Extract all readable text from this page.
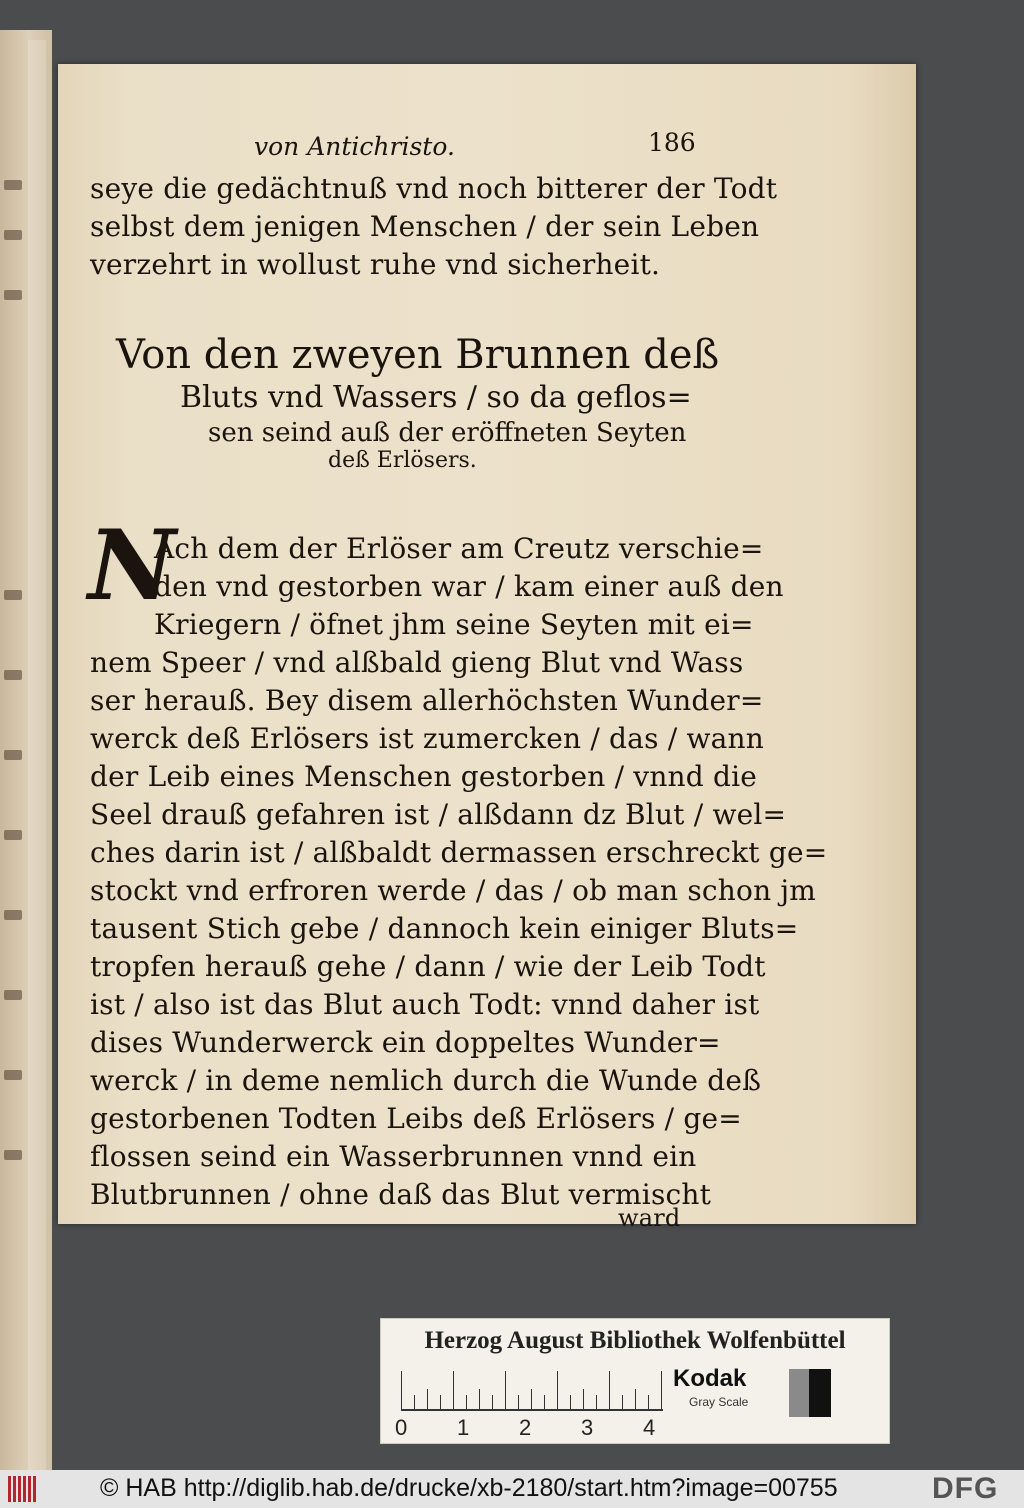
von Antichristo.	186

seye die gedächtnuß vnd noch bitterer der Todt

selbst dem jenigen Menschen / der sein Leben

verzehrt in wollust ruhe vnd sicherheit.

Von den zweyen Brunnen deß

Bluts vnd Wassers / so da geflos=

sen seind auß der eröffneten Seyten

deß Erlösers.

N

Ach dem der Erlöser am Creutz verschie=

den vnd gestorben war / kam einer auß den

Kriegern / öfnet jhm seine Seyten mit ei=

nem Speer / vnd alßbald gieng Blut vnd Wass

ser herauß. Bey disem allerhöchsten Wunder=

werck deß Erlösers ist zumercken / das / wann

der Leib eines Menschen gestorben / vnnd die

Seel drauß gefahren ist / alßdann dz Blut / wel=

ches darin ist / alßbaldt dermassen erschreckt ge=

stockt vnd erfroren werde / das / ob man schon jm

tausent Stich gebe / dannoch kein einiger Bluts=

tropfen herauß gehe / dann / wie der Leib Todt

ist / also ist das Blut auch Todt: vnnd daher ist

dises Wunderwerck ein doppeltes Wunder=

werck / in deme nemlich durch die Wunde deß

gestorbenen Todten Leibs deß Erlösers / ge=

flossen seind ein Wasserbrunnen vnnd ein

Blutbrunnen / ohne daß das Blut vermischt

ward

Herzog August Bibliothek Wolfenbüttel
0 1 2 3 4
Kodak
Gray Scale
© HAB http://diglib.hab.de/drucke/xb-2180/start.htm?image=00755	DFG
